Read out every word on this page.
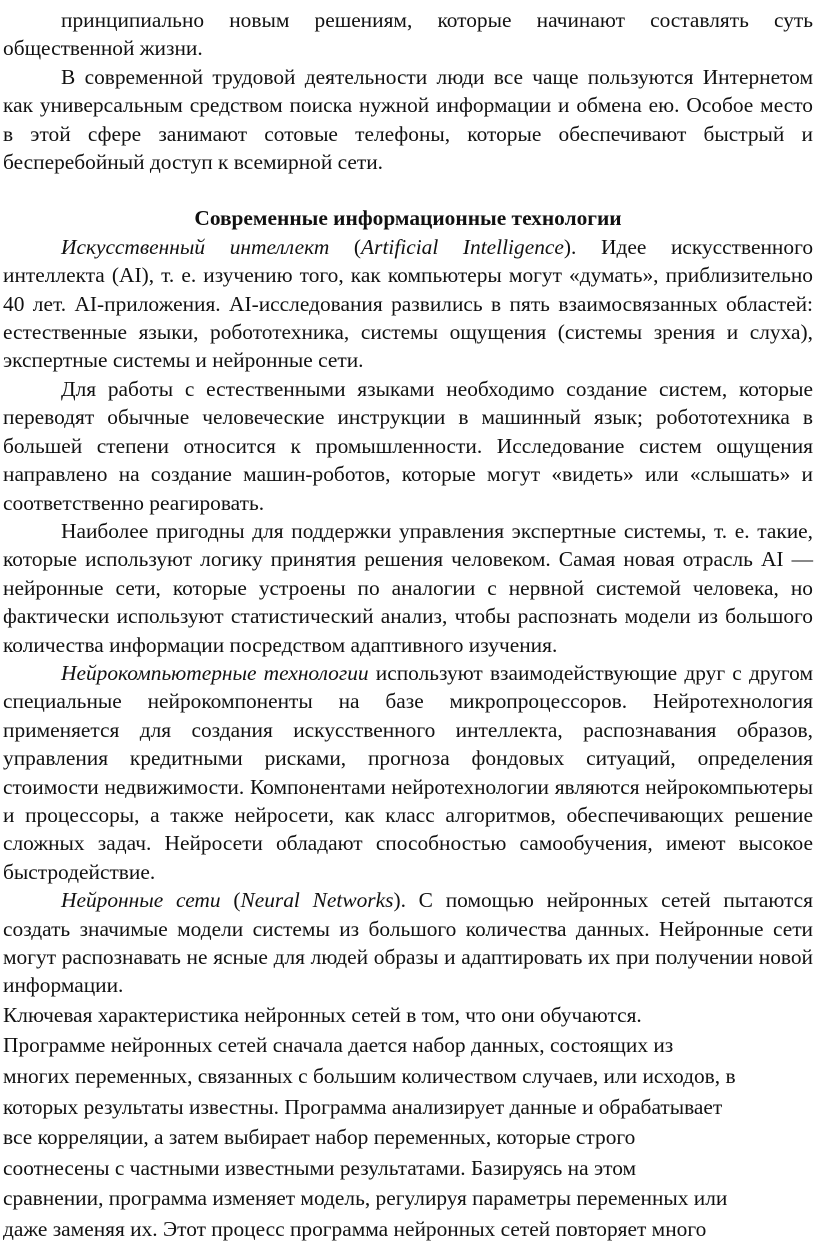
принципиально новым решениям, которые начинают составлять суть общественной жизни.

В современной трудовой деятельности люди все чаще пользуются Интернетом как универсальным средством поиска нужной информации и обмена ею. Особое место в этой сфере занимают сотовые телефоны, которые обеспечивают быстрый и бесперебойный доступ к всемирной сети.

Современные информационные технологии

Искусственный интеллект (Artificial Intelligence). Идее искусственного интеллекта (AI), т. е. изучению того, как компьютеры могут «думать», приблизительно 40 лет. AI-приложения. AI-исследования развились в пять взаимосвязанных областей: естественные языки, робототехника, системы ощущения (системы зрения и слуха), экспертные системы и нейронные сети.

Для работы с естественными языками необходимо создание систем, которые переводят обычные человеческие инструкции в машинный язык; робототехника в большей степени относится к промышленности. Исследование систем ощущения направлено на создание машин-роботов, которые могут «видеть» или «слышать» и соответственно реагировать.

Наиболее пригодны для поддержки управления экспертные системы, т. е. такие, которые используют логику принятия решения человеком. Самая новая отрасль AI — нейронные сети, которые устроены по аналогии с нервной системой человека, но фактически используют статистический анализ, чтобы распознать модели из большого количества информации посредством адаптивного изучения.

Нейрокомпьютерные технологии используют взаимодействующие друг с другом специальные нейрокомпоненты на базе микропроцессоров. Нейротехнология применяется для создания искусственного интеллекта, распознавания образов, управления кредитными рисками, прогноза фондовых ситуаций, определения стоимости недвижимости. Компонентами нейротехнологии являются нейрокомпьютеры и процессоры, а также нейросети, как класс алгоритмов, обеспечивающих решение сложных задач. Нейросети обладают способностью самообучения, имеют высокое быстродействие.

Нейронные сети (Neural Networks). С помощью нейронных сетей пытаются создать значимые модели системы из большого количества данных. Нейронные сети могут распознавать не ясные для людей образы и адаптировать их при получении новой информации.

Ключевая характеристика нейронных сетей в том, что они обучаются.

Программе нейронных сетей сначала дается набор данных, состоящих из

многих переменных, связанных с большим количеством случаев, или исходов, в

которых результаты известны. Программа анализирует данные и обрабатывает

все корреляции, а затем выбирает набор переменных, которые строго

соотнесены с частными известными результатами. Базируясь на этом

сравнении, программа изменяет модель, регулируя параметры переменных или

даже заменяя их. Этот процесс программа нейронных сетей повторяет много
